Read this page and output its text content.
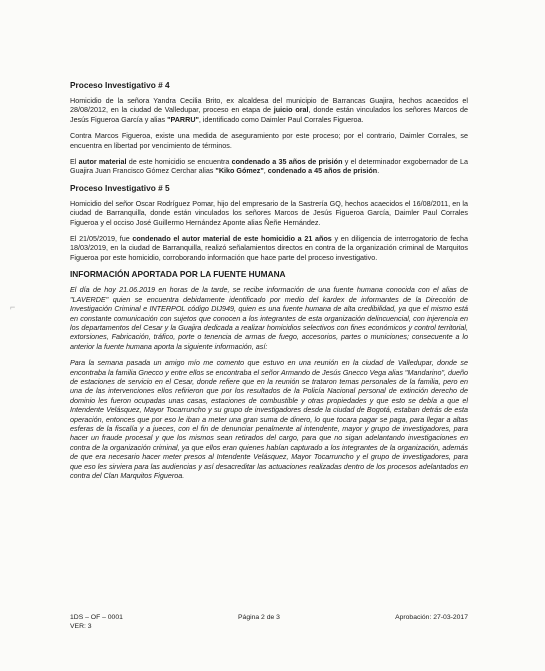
⌐
Proceso Investigativo # 4

Homicidio de la señora Yandra Cecilia Brito, ex alcaldesa del municipio de Barrancas Guajira, hechos acaecidos el 28/08/2012, en la ciudad de Valledupar, proceso en etapa de juicio oral, donde están vinculados los señores Marcos de Jesús Figueroa García y alias "PARRU", identificado como Daimler Paul Corrales Figueroa.

Contra Marcos Figueroa, existe una medida de aseguramiento por este proceso; por el contrario, Daimler Corrales, se encuentra en libertad por vencimiento de términos.

El autor material de este homicidio se encuentra condenado a 35 años de prisión y el determinador exgobernador de La Guajira Juan Francisco Gómez Cerchar alias "Kiko Gómez", condenado a 45 años de prisión.

Proceso Investigativo # 5

Homicidio del señor Oscar Rodríguez Pomar, hijo del empresario de la Sastrería GQ, hechos acaecidos el 16/08/2011, en la ciudad de Barranquilla, donde están vinculados los señores Marcos de Jesús Figueroa García, Daimler Paul Corrales Figueroa y el occiso José Guillermo Hernández Aponte alias Ñeñe Hernández.

El 21/05/2019, fue condenado el autor material de este homicidio a 21 años y en diligencia de interrogatorio de fecha 18/03/2019, en la ciudad de Barranquilla, realizó señalamientos directos en contra de la organización criminal de Marquitos Figueroa por este homicidio, corroborando información que hace parte del proceso investigativo.

INFORMACIÓN APORTADA POR LA FUENTE HUMANA

El día de hoy 21.06.2019 en horas de la tarde, se recibe información de una fuente humana conocida con el alias de "LAVERDE" quien se encuentra debidamente identificado por medio del kardex de informantes de la Dirección de Investigación Criminal e INTERPOL código DIJ949, quien es una fuente humana de alta credibilidad, ya que el mismo está en constante comunicación con sujetos que conocen a los integrantes de esta organización delincuencial, con injerencia en los departamentos del Cesar y la Guajira dedicada a realizar homicidios selectivos con fines económicos y control territorial, extorsiones, Fabricación, tráfico, porte o tenencia de armas de fuego, accesorios, partes o municiones; consecuente a lo anterior la fuente humana aporta la siguiente información, así:

Para la semana pasada un amigo mío me comento que estuvo en una reunión en la ciudad de Valledupar, donde se encontraba la familia Gnecco y entre ellos se encontraba el señor Armando de Jesús Gnecco Vega alias "Mandarino", dueño de estaciones de servicio en el Cesar, donde refiere que en la reunión se trataron temas personales de la familia, pero en una de las intervenciones ellos refirieron que por los resultados de la Policía Nacional personal de extinción derecho de dominio les fueron ocupadas unas casas, estaciones de combustible y otras propiedades y que esto se debía a que el Intendente Velásquez, Mayor Tocarruncho y su grupo de investigadores desde la ciudad de Bogotá, estaban detrás de esta operación, entonces que por eso le iban a meter una gran suma de dinero, lo que tocara pagar se paga, para llegar a altas esferas de la fiscalía y a jueces, con el fin de denunciar penalmente al intendente, mayor y grupo de investigadores, para hacer un fraude procesal y que los mismos sean retirados del cargo, para que no sigan adelantando investigaciones en contra de la organización criminal, ya que ellos eran quienes habían capturado a los integrantes de la organización, además de que era necesario hacer meter presos al Intendente Velásquez, Mayor Tocarruncho y el grupo de investigadores, para que eso les sirviera para las audiencias y así desacreditar las actuaciones realizadas dentro de los procesos adelantados en contra del Clan Marquitos Figueroa.

1DS – OF – 0001
VER: 3
Página 2 de 3	Aprobación: 27-03-2017
